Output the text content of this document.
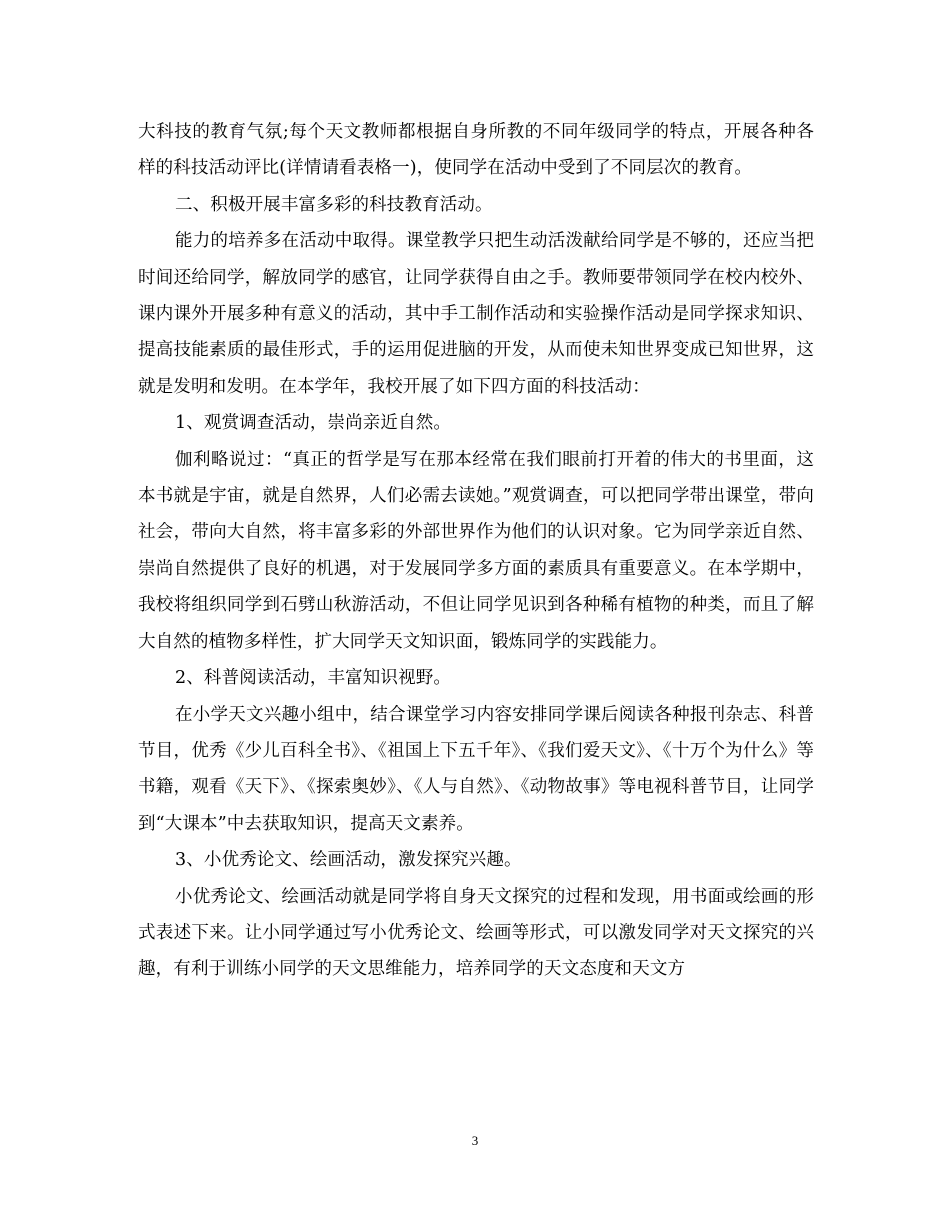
大科技的教育气氛;每个天文教师都根据自身所教的不同年级同学的特点，开展各种各样的科技活动评比(详情请看表格一)，使同学在活动中受到了不同层次的教育。

二、积极开展丰富多彩的科技教育活动。

能力的培养多在活动中取得。课堂教学只把生动活泼献给同学是不够的，还应当把时间还给同学，解放同学的感官，让同学获得自由之手。教师要带领同学在校内校外、课内课外开展多种有意义的活动，其中手工制作活动和实验操作活动是同学探求知识、提高技能素质的最佳形式，手的运用促进脑的开发，从而使未知世界变成已知世界，这就是发明和发明。在本学年，我校开展了如下四方面的科技活动：

1、观赏调查活动，崇尚亲近自然。

伽利略说过：“真正的哲学是写在那本经常在我们眼前打开着的伟大的书里面，这本书就是宇宙，就是自然界，人们必需去读她。”观赏调查，可以把同学带出课堂，带向社会，带向大自然，将丰富多彩的外部世界作为他们的认识对象。它为同学亲近自然、崇尚自然提供了良好的机遇，对于发展同学多方面的素质具有重要意义。在本学期中，我校将组织同学到石劈山秋游活动，不但让同学见识到各种稀有植物的种类，而且了解大自然的植物多样性，扩大同学天文知识面，锻炼同学的实践能力。

2、科普阅读活动，丰富知识视野。

在小学天文兴趣小组中，结合课堂学习内容安排同学课后阅读各种报刊杂志、科普节目，优秀《少儿百科全书》、《祖国上下五千年》、《我们爱天文》、《十万个为什么》等书籍，观看《天下》、《探索奥妙》、《人与自然》、《动物故事》等电视科普节目，让同学到“大课本”中去获取知识，提高天文素养。

3、小优秀论文、绘画活动，激发探究兴趣。

小优秀论文、绘画活动就是同学将自身天文探究的过程和发现，用书面或绘画的形式表述下来。让小同学通过写小优秀论文、绘画等形式，可以激发同学对天文探究的兴趣，有利于训练小同学的天文思维能力，培养同学的天文态度和天文方

3
